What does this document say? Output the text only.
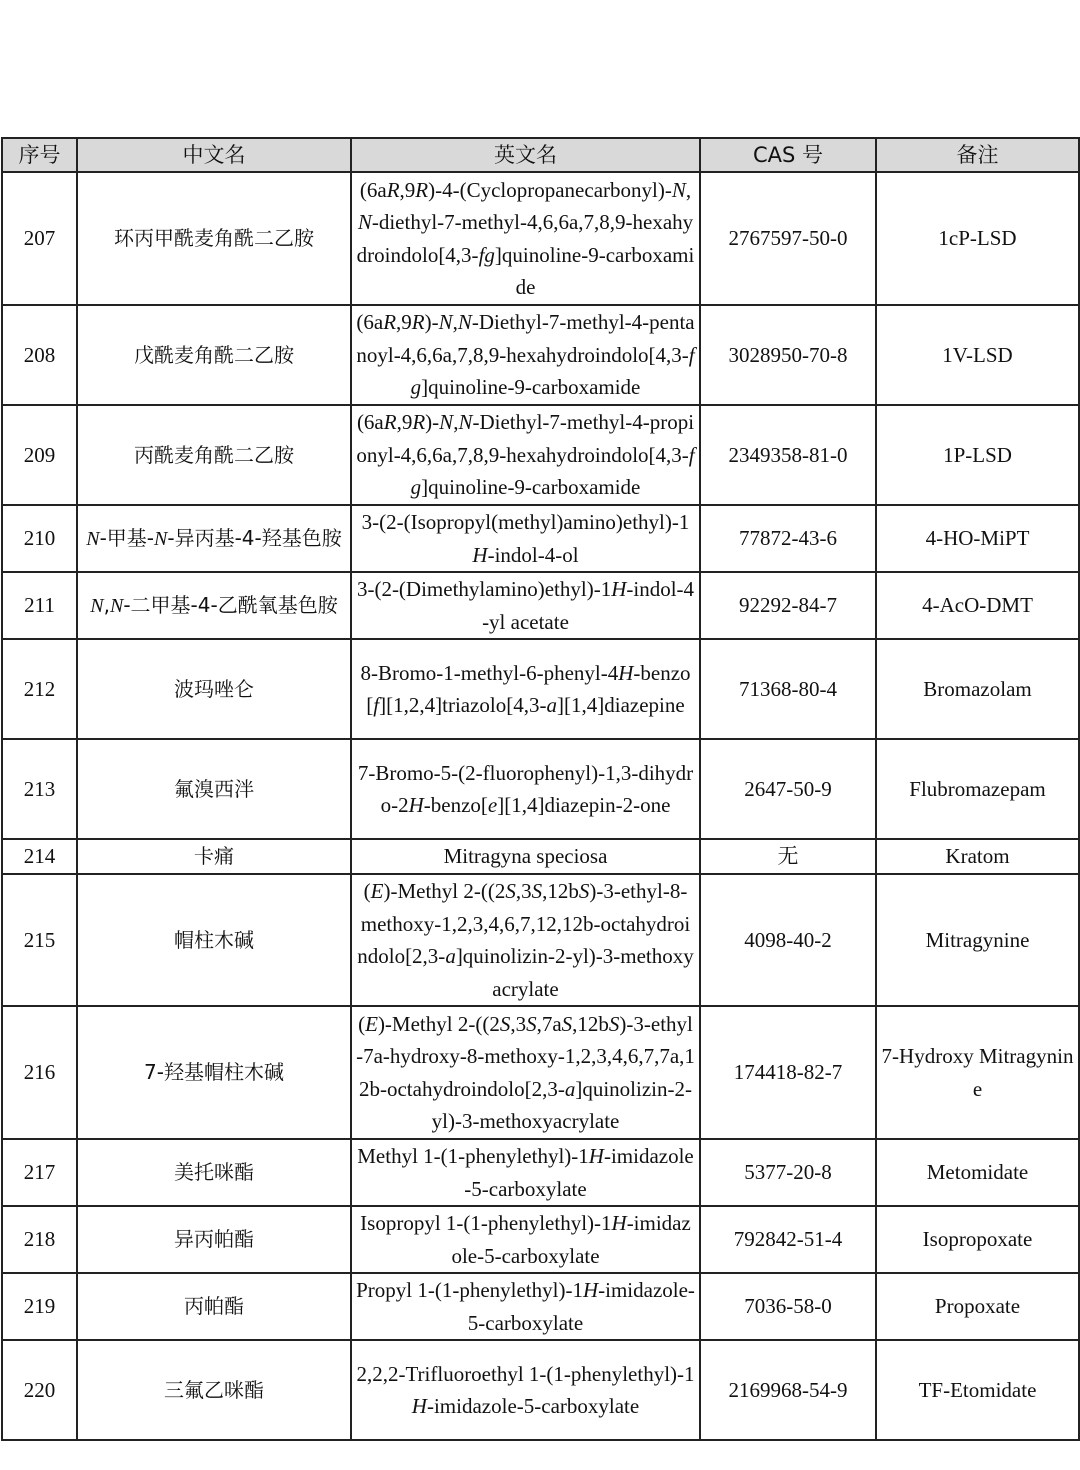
序号	中文名	英文名	CAS 号	备注
207	环丙甲酰麦角酰二乙胺	(6aR,9R)-4-(Cyclopropanecarbonyl)-N,N-diethyl-7-methyl-4,6,6a,7,8,9-hexahydroindolo[4,3-fg]quinoline-9-carboxamide	2767597-50-0	1cP-LSD
208	戊酰麦角酰二乙胺	(6aR,9R)-N,N-Diethyl-7-methyl-4-pentanoyl-4,6,6a,7,8,9-hexahydroindolo[4,3-fg]quinoline-9-carboxamide	3028950-70-8	1V-LSD
209	丙酰麦角酰二乙胺	(6aR,9R)-N,N-Diethyl-7-methyl-4-propionyl-4,6,6a,7,8,9-hexahydroindolo[4,3-fg]quinoline-9-carboxamide	2349358-81-0	1P-LSD
210	N-甲基-N-异丙基-4-羟基色胺	3-(2-(Isopropyl(methyl)amino)ethyl)-1H-indol-4-ol	77872-43-6	4-HO-MiPT
211	N,N-二甲基-4-乙酰氧基色胺	3-(2-(Dimethylamino)ethyl)-1H-indol-4-yl acetate	92292-84-7	4-AcO-DMT
212	波玛唑仑	8-Bromo-1-methyl-6-phenyl-4H-benzo[f][1,2,4]triazolo[4,3-a][1,4]diazepine	71368-80-4	Bromazolam
213	氟溴西泮	7-Bromo-5-(2-fluorophenyl)-1,3-dihydro-2H-benzo[e][1,4]diazepin-2-one	2647-50-9	Flubromazepam
214	卡痛	Mitragyna speciosa	无	Kratom
215	帽柱木碱	(E)-Methyl 2-((2S,3S,12bS)-3-ethyl-8-methoxy-1,2,3,4,6,7,12,12b-octahydroindolo[2,3-a]quinolizin-2-yl)-3-methoxyacrylate	4098-40-2	Mitragynine
216	7-羟基帽柱木碱	(E)-Methyl 2-((2S,3S,7aS,12bS)-3-ethyl-7a-hydroxy-8-methoxy-1,2,3,4,6,7,7a,12b-octahydroindolo[2,3-a]quinolizin-2-yl)-3-methoxyacrylate	174418-82-7	7-Hydroxy Mitragynine
217	美托咪酯	Methyl 1-(1-phenylethyl)-1H-imidazole-5-carboxylate	5377-20-8	Metomidate
218	异丙帕酯	Isopropyl 1-(1-phenylethyl)-1H-imidazole-5-carboxylate	792842-51-4	Isopropoxate
219	丙帕酯	Propyl 1-(1-phenylethyl)-1H-imidazole-5-carboxylate	7036-58-0	Propoxate
220	三氟乙咪酯	2,2,2-Trifluoroethyl 1-(1-phenylethyl)-1H-imidazole-5-carboxylate	2169968-54-9	TF-Etomidate
